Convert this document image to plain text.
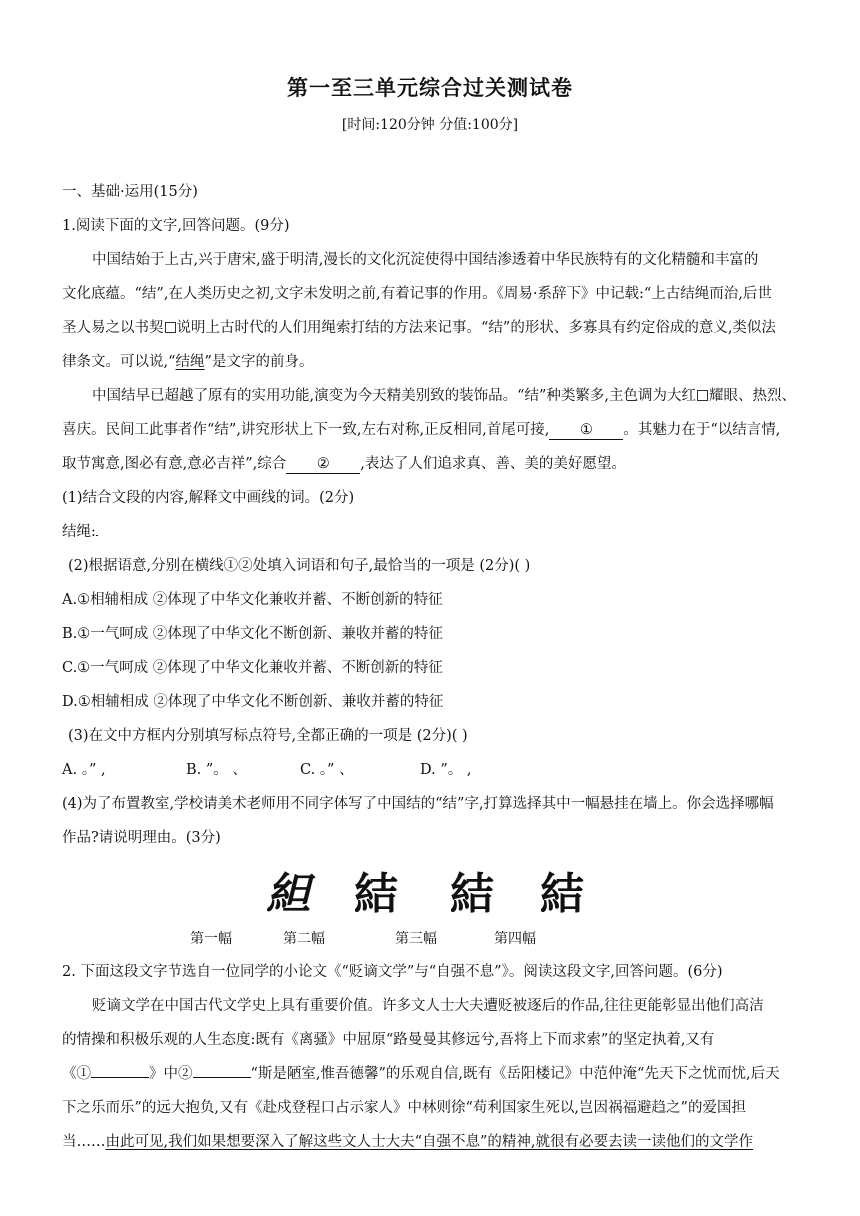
第一至三单元综合过关测试卷
[时间:120分钟 分值:100分]
一、基础·运用(15分)
1.阅读下面的文字,回答问题。(9分)
中国结始于上古,兴于唐宋,盛于明清,漫长的文化沉淀使得中国结渗透着中华民族特有的文化精髓和丰富的
文化底蕴。“结”,在人类历史之初,文字未发明之前,有着记事的作用。《周易·系辞下》中记载:“上古结绳而治,后世
圣人易之以书契 说明上古时代的人们用绳索打结的方法来记事。“结”的形状、多寡具有约定俗成的意义,类似法
律条文。可以说,“结绳”是文字的前身。
中国结早已超越了原有的实用功能,演变为今天精美别致的装饰品。“结”种类繁多,主色调为大红 耀眼、热烈、
喜庆。民间工此事者作“结”,讲究形状上下一致,左右对称,正反相同,首尾可接, ① 。其魅力在于“以结言情,
取节寓意,图必有意,意必吉祥”,综合 ② ,表达了人们追求真、善、美的美好愿望。
(1)结合文段的内容,解释文中画线的词。(2分)
结绳:
(2)根据语意,分别在横线①②处填入词语和句子,最恰当的一项是 (2分)( )
A.①相辅相成 ②体现了中华文化兼收并蓄、不断创新的特征
B.①一气呵成 ②体现了中华文化不断创新、兼收并蓄的特征
C.①一气呵成 ②体现了中华文化兼收并蓄、不断创新的特征
D.①相辅相成 ②体现了中华文化不断创新、兼收并蓄的特征
(3)在文中方框内分别填写标点符号,全都正确的一项是 (2分)( )
A. 。” ,	B. ”。 、	C. 。” 、	D. ”。 ,
(4)为了布置教室,学校请美术老师用不同字体写了中国结的“结”字,打算选择其中一幅悬挂在墙上。你会选择哪幅
作品?请说明理由。(3分)
䋎 結 結 結
第一幅	第二幅	第三幅	第四幅
2. 下面这段文字节选自一位同学的小论文《“贬谪文学”与“自强不息”》。阅读这段文字,回答问题。(6分)
贬谪文学在中国古代文学史上具有重要价值。许多文人士大夫遭贬被逐后的作品,往往更能彰显出他们高洁
的情操和积极乐观的人生态度:既有《离骚》中屈原“路曼曼其修远兮,吾将上下而求索”的坚定执着,又有
《①	》中②	“斯是陋室,惟吾德馨”的乐观自信,既有《岳阳楼记》中范仲淹“先天下之忧而忧,后天
下之乐而乐”的远大抱负,又有《赴戍登程口占示家人》中林则徐“苟利国家生死以,岂因祸福避趋之”的爱国担
当……由此可见,我们如果想要深入了解这些文人士大夫“自强不息”的精神,就很有必要去读一读他们的文学作
